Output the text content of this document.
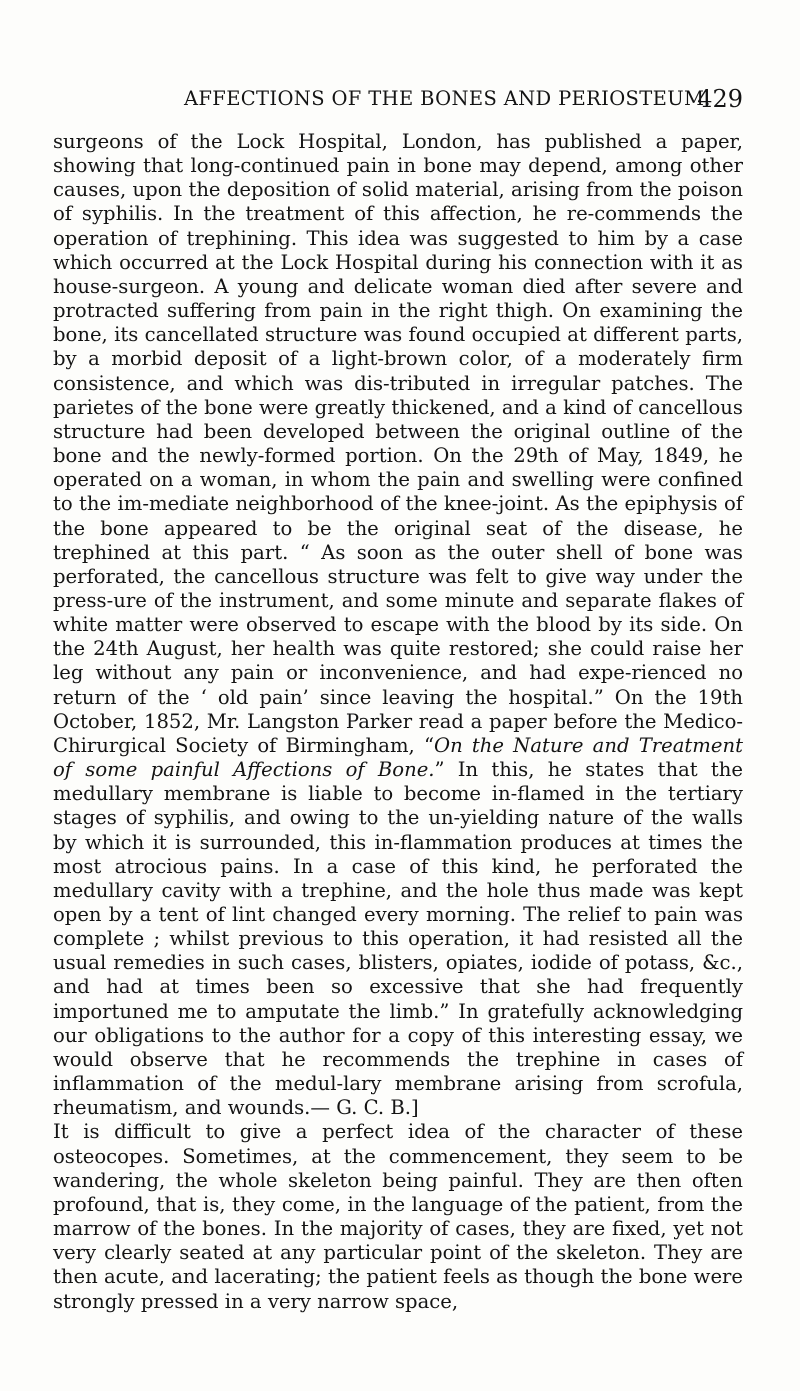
AFFECTIONS OF THE BONES AND PERIOSTEUM.
429

surgeons of the Lock Hospital, London, has published a paper, showing that long-continued pain in bone may depend, among other causes, upon the deposition of solid material, arising from the poison of syphilis. In the treatment of this affection, he re-commends the operation of trephining. This idea was suggested to him by a case which occurred at the Lock Hospital during his connection with it as house-surgeon. A young and delicate woman died after severe and protracted suffering from pain in the right thigh. On examining the bone, its cancellated structure was found occupied at different parts, by a morbid deposit of a light-brown color, of a moderately firm consistence, and which was dis-tributed in irregular patches. The parietes of the bone were greatly thickened, and a kind of cancellous structure had been developed between the original outline of the bone and the newly-formed portion. On the 29th of May, 1849, he operated on a woman, in whom the pain and swelling were confined to the im-mediate neighborhood of the knee-joint. As the epiphysis of the bone appeared to be the original seat of the disease, he trephined at this part. “ As soon as the outer shell of bone was perforated, the cancellous structure was felt to give way under the press-ure of the instrument, and some minute and separate flakes of white matter were observed to escape with the blood by its side. On the 24th August, her health was quite restored; she could raise her leg without any pain or inconvenience, and had expe-rienced no return of the ‘ old pain’ since leaving the hospital.” On the 19th October, 1852, Mr. Langston Parker read a paper before the Medico-Chirurgical Society of Birmingham, “On the Nature and Treatment of some painful Affections of Bone.” In this, he states that the medullary membrane is liable to become in-flamed in the tertiary stages of syphilis, and owing to the un-yielding nature of the walls by which it is surrounded, this in-flammation produces at times the most atrocious pains. In a case of this kind, he perforated the medullary cavity with a trephine, and the hole thus made was kept open by a tent of lint changed every morning. The relief to pain was complete ; whilst previous to this operation, it had resisted all the usual remedies in such cases, blisters, opiates, iodide of potass, &c., and had at times been so excessive that she had frequently importuned me to amputate the limb.” In gratefully acknowledging our obligations to the author for a copy of this interesting essay, we would observe that he recommends the trephine in cases of inflammation of the medul-lary membrane arising from scrofula, rheumatism, and wounds.— G. C. B.]

It is difficult to give a perfect idea of the character of these osteocopes. Sometimes, at the commencement, they seem to be wandering, the whole skeleton being painful. They are then often profound, that is, they come, in the language of the patient, from the marrow of the bones. In the majority of cases, they are fixed, yet not very clearly seated at any particular point of the skeleton. They are then acute, and lacerating; the patient feels as though the bone were strongly pressed in a very narrow space,
